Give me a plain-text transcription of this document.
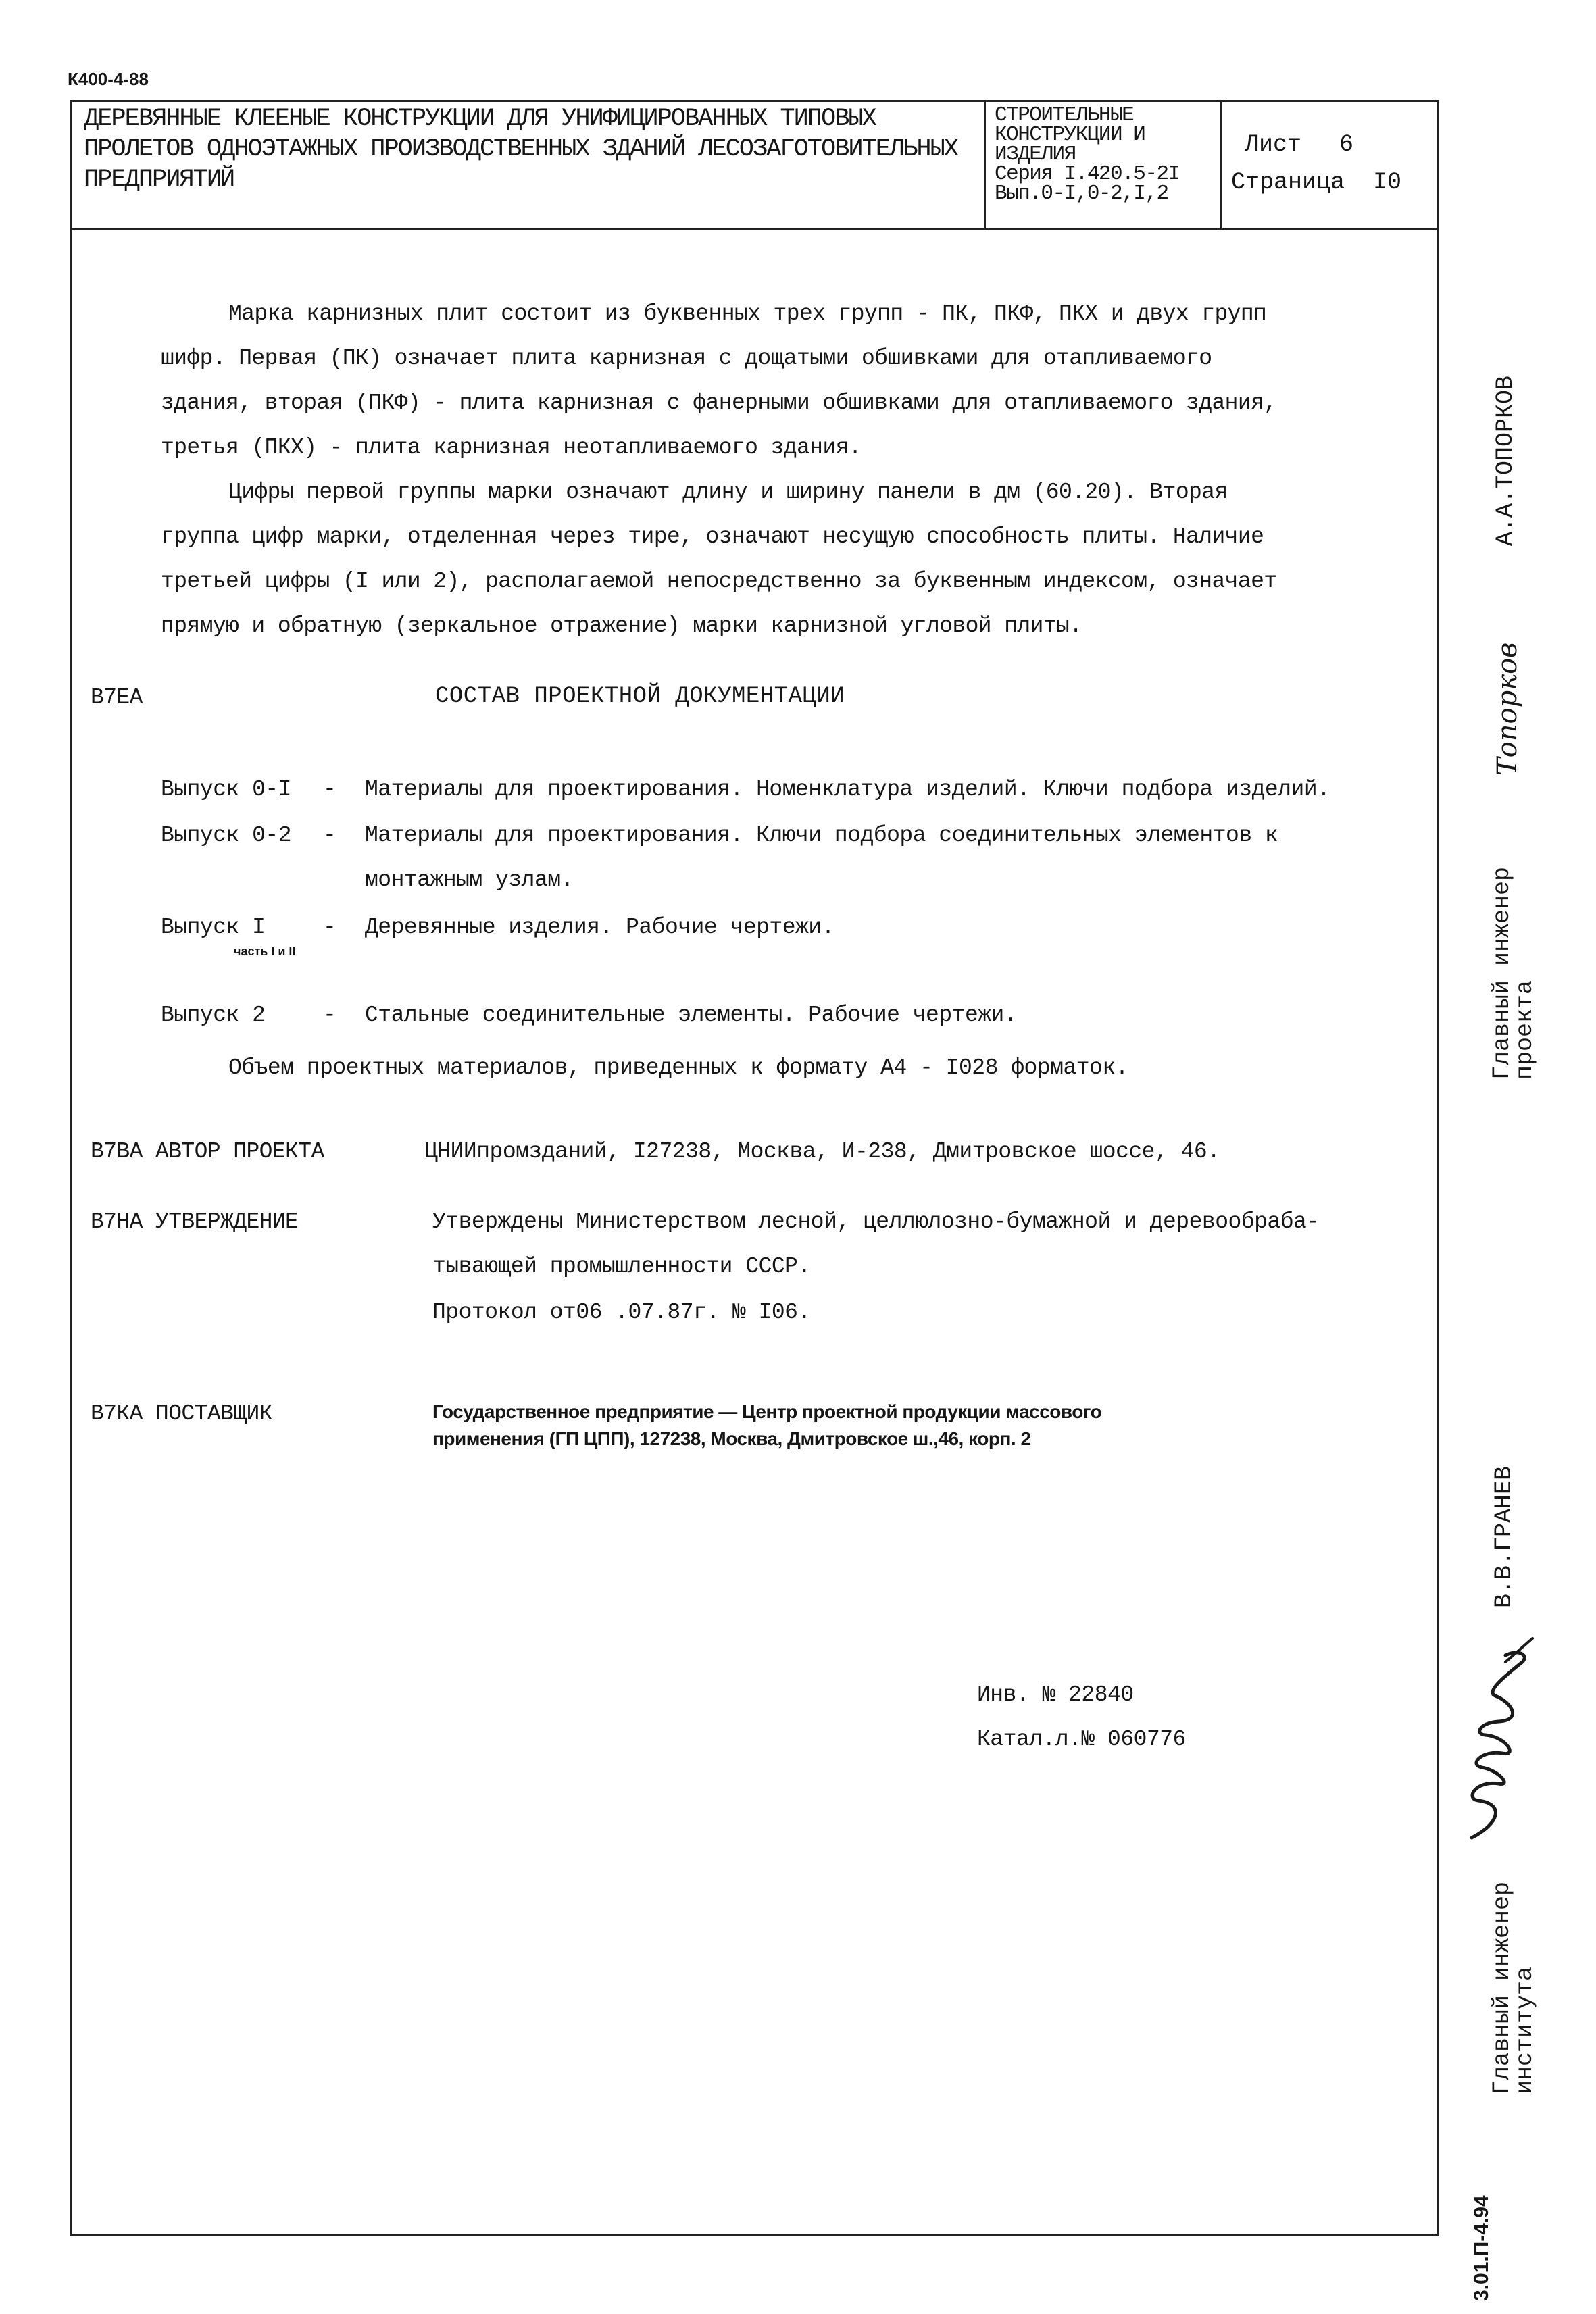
К400-4-88
ДЕРЕВЯННЫЕ КЛЕЕНЫЕ КОНСТРУКЦИИ ДЛЯ УНИФИЦИРОВАННЫХ ТИПОВЫХ
ПРОЛЕТОВ ОДНОЭТАЖНЫХ ПРОИЗВОДСТВЕННЫХ ЗДАНИЙ ЛЕСОЗАГОТОВИТЕЛЬНЫХ
ПРЕДПРИЯТИЙ
СТРОИТЕЛЬНЫЕ
КОНСТРУКЦИИ И
ИЗДЕЛИЯ
Серия I.420.5-2I
Вып.0-I,0-2,I,2
Лист 6
Страница I0
Марка карнизных плит состоит из буквенных трех групп - ПК, ПКФ, ПКХ и двух групп
шифр. Первая (ПК) означает плита карнизная с дощатыми обшивками для отапливаемого
здания, вторая (ПКФ) - плита карнизная с фанерными обшивками для отапливаемого здания,
третья (ПКХ) - плита карнизная неотапливаемого здания.
Цифры первой группы марки означают длину и ширину панели в дм (60.20). Вторая
группа цифр марки, отделенная через тире, означают несущую способность плиты. Наличие
третьей цифры (I или 2), располагаемой непосредственно за буквенным индексом, означает
прямую и обратную (зеркальное отражение) марки карнизной угловой плиты.
В7ЕА	СОСТАВ ПРОЕКТНОЙ ДОКУМЕНТАЦИИ
Выпуск 0-I - Материалы для проектирования. Номенклатура изделий. Ключи подбора изделий.
Выпуск 0-2 - Материалы для проектирования. Ключи подбора соединительных элементов к
монтажным узлам.
Выпуск I	- Деревянные изделия. Рабочие чертежи.
часть I и II
Выпуск 2	- Стальные соединительные элементы. Рабочие чертежи.
Объем проектных материалов, приведенных к формату А4 - I028 форматок.
В7ВА АВТОР ПРОЕКТА	ЦНИИпромзданий, I27238, Москва, И-238, Дмитровское шоссе, 46.
В7НА УТВЕРЖДЕНИЕ	Утверждены Министерством лесной, целлюлозно-бумажной и деревообраба-
тывающей промышленности СССР.
Протокол от06 .07.87г. № I06.
В7КА ПОСТАВЩИК	Государственное предприятие — Центр проектной продукции массового
применения (ГП ЦПП), 127238, Москва, Дмитровское ш.,46, корп. 2
Инв. № 22840
Катал.л.№ 060776
Главный инженер
проекта
Топорков
А.А.ТОПОРКОВ
Главный инженер
института
В.В.ГРАНЕВ
3.01.П-4.94
